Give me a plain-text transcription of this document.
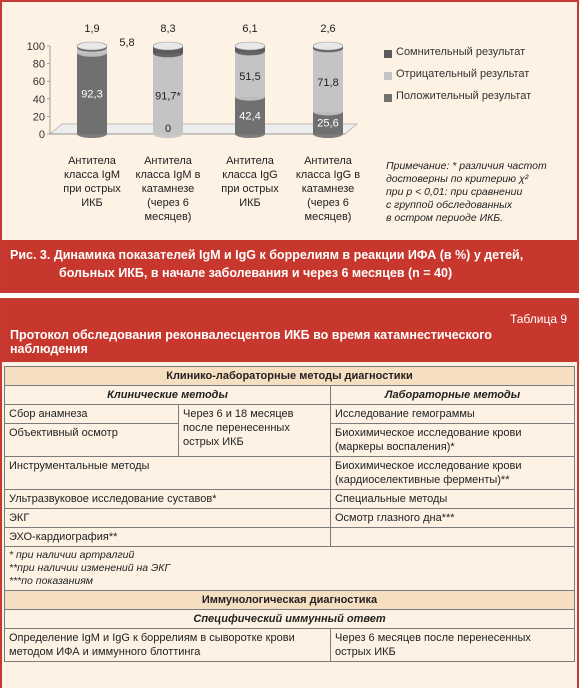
0
20
40
60
80
100
1,9
5,8
92,3
Антитела
класса IgM
при острых
ИКБ
8,3
91,7*
0
Антитела
класса IgM в
катамнезе
(через 6
месяцев)
6,1
51,5
42,4
Антитела
класса IgG
при острых
ИКБ
2,6
71,8
25,6
Антитела
класса IgG в
катамнезе
(через 6
месяцев)
Сомнительный результат
Отрицательный результат
Положительный результат
Примечание: * различия частот
достоверны по критерию χ²
при р < 0,01: при сравнении
с группой обследованных
в остром периоде ИКБ.
Рис. 3. Динамика показателей IgM и IgG к боррелиям в реакции ИФА (в %) у детей,
больных ИКБ, в начале заболевания и через 6 месяцев (n = 40)
Таблица 9
Протокол обследования реконвалесцентов ИКБ во время катамнестического наблюдения
Клинико-лабораторные методы диагностики		
Клинические методы		Лабораторные методы
Сбор анамнеза	Через 6 и 18 месяцев после перенесенных острых ИКБ	Исследование гемограммы
Объективный осмотр		Биохимическое исследование крови (маркеры воспаления)*
Инструментальные методы		Биохимическое исследование крови (кардиоселективные ферменты)**
Ультразвуковое исследование суставов*		Специальные методы
ЭКГ		Осмотр глазного дна***
ЭХО-кардиография**		

* при наличии артралгий
**при наличии изменений на ЭКГ
***по показаниям		

Иммунологическая диагностика		
Специфический иммунный ответ		
Определение IgM и IgG к боррелиям в сыворотке крови методом ИФА и иммунного блоттинга		Через 6 месяцев после перенесенных острых ИКБ
